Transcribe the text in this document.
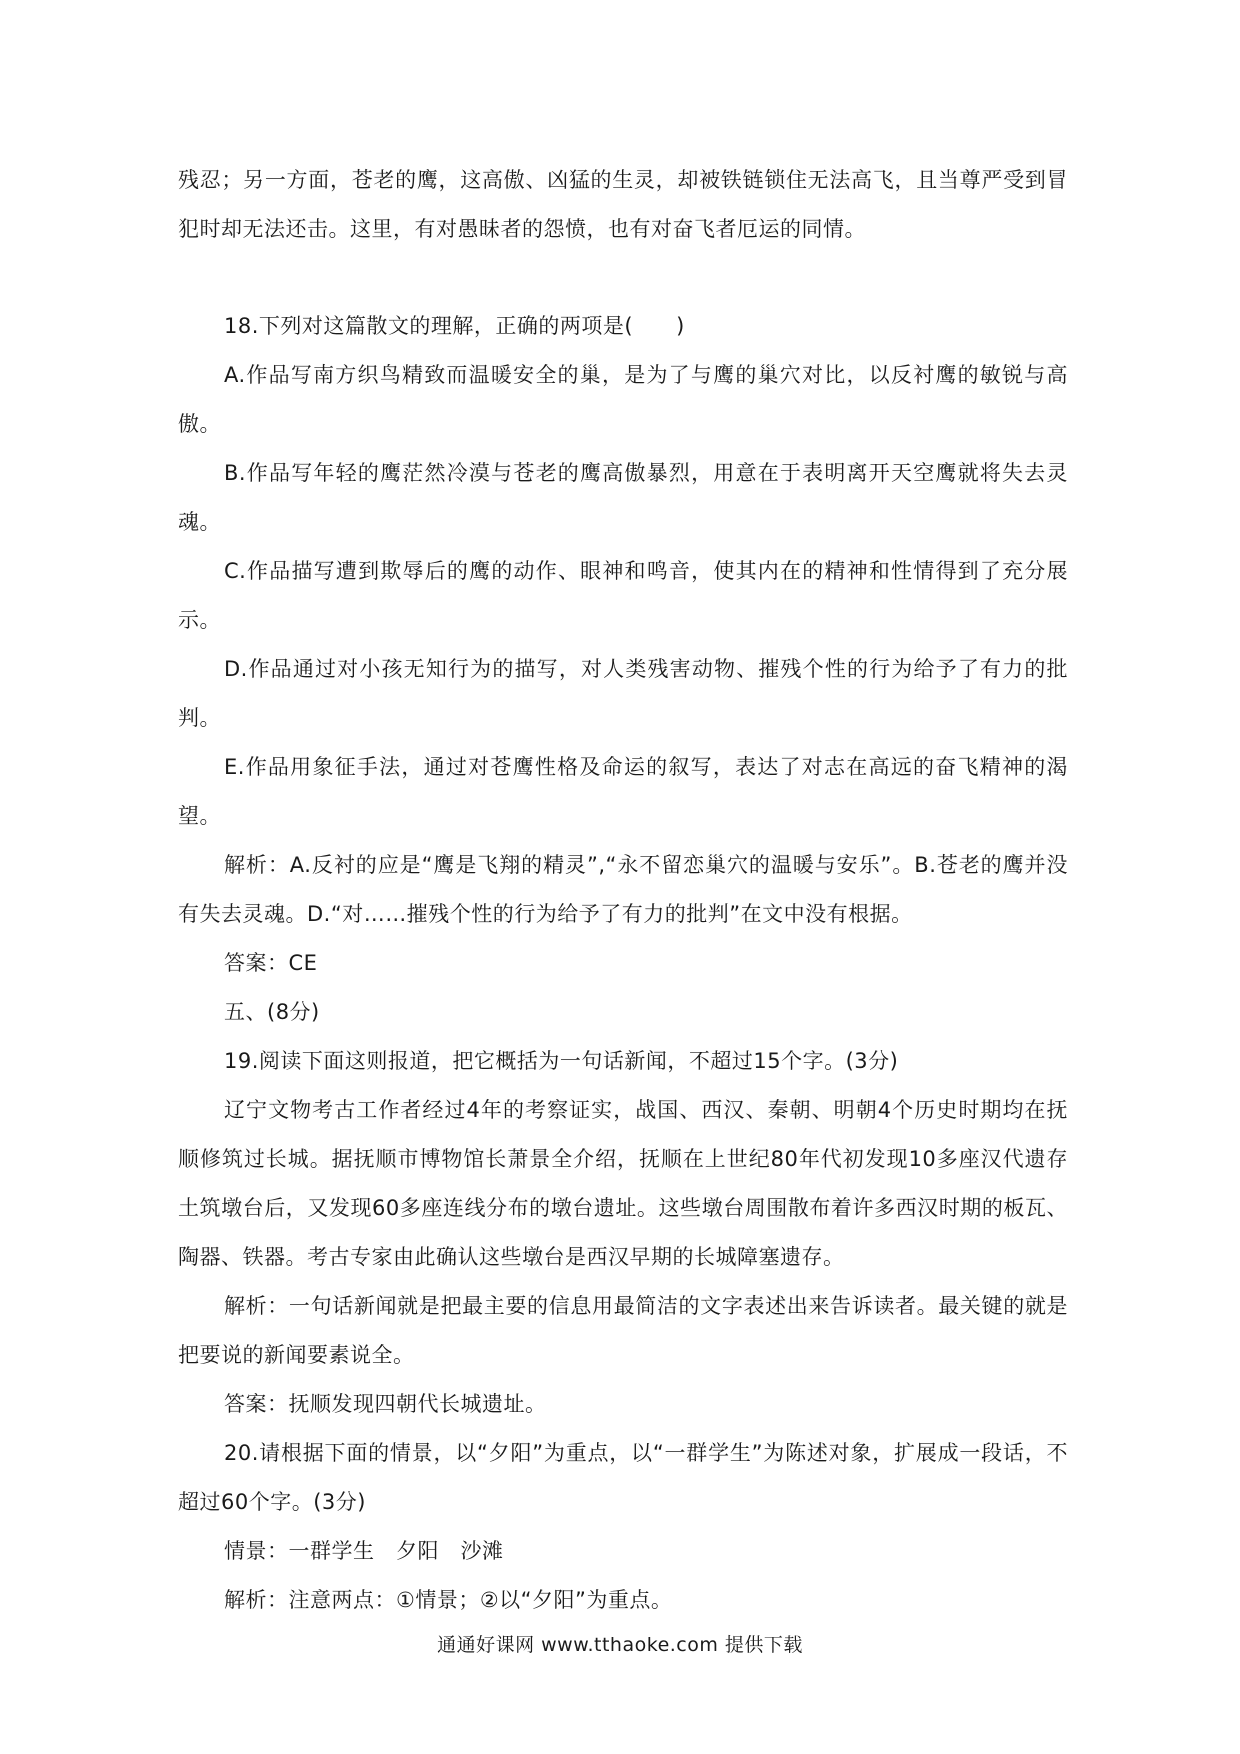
残忍；另一方面，苍老的鹰，这高傲、凶猛的生灵，却被铁链锁住无法高飞，且当尊严受到冒犯时却无法还击。这里，有对愚昧者的怨愤，也有对奋飞者厄运的同情。

18.下列对这篇散文的理解，正确的两项是(　　)

A.作品写南方织鸟精致而温暖安全的巢，是为了与鹰的巢穴对比，以反衬鹰的敏锐与高傲。

B.作品写年轻的鹰茫然冷漠与苍老的鹰高傲暴烈，用意在于表明离开天空鹰就将失去灵魂。

C.作品描写遭到欺辱后的鹰的动作、眼神和鸣音，使其内在的精神和性情得到了充分展示。

D.作品通过对小孩无知行为的描写，对人类残害动物、摧残个性的行为给予了有力的批判。

E.作品用象征手法，通过对苍鹰性格及命运的叙写，表达了对志在高远的奋飞精神的渴望。

解析：A.反衬的应是“鹰是飞翔的精灵”,“永不留恋巢穴的温暖与安乐”。B.苍老的鹰并没有失去灵魂。D.“对……摧残个性的行为给予了有力的批判”在文中没有根据。

答案：CE

五、(8分)

19.阅读下面这则报道，把它概括为一句话新闻，不超过15个字。(3分)

辽宁文物考古工作者经过4年的考察证实，战国、西汉、秦朝、明朝4个历史时期均在抚顺修筑过长城。据抚顺市博物馆长萧景全介绍，抚顺在上世纪80年代初发现10多座汉代遗存土筑墩台后，又发现60多座连线分布的墩台遗址。这些墩台周围散布着许多西汉时期的板瓦、陶器、铁器。考古专家由此确认这些墩台是西汉早期的长城障塞遗存。

解析：一句话新闻就是把最主要的信息用最简洁的文字表述出来告诉读者。最关键的就是把要说的新闻要素说全。

答案：抚顺发现四朝代长城遗址。

20.请根据下面的情景，以“夕阳”为重点，以“一群学生”为陈述对象，扩展成一段话，不超过60个字。(3分)

情景：一群学生　夕阳　沙滩

解析：注意两点：①情景；②以“夕阳”为重点。

通通好课网 www.tthaoke.com 提供下载
